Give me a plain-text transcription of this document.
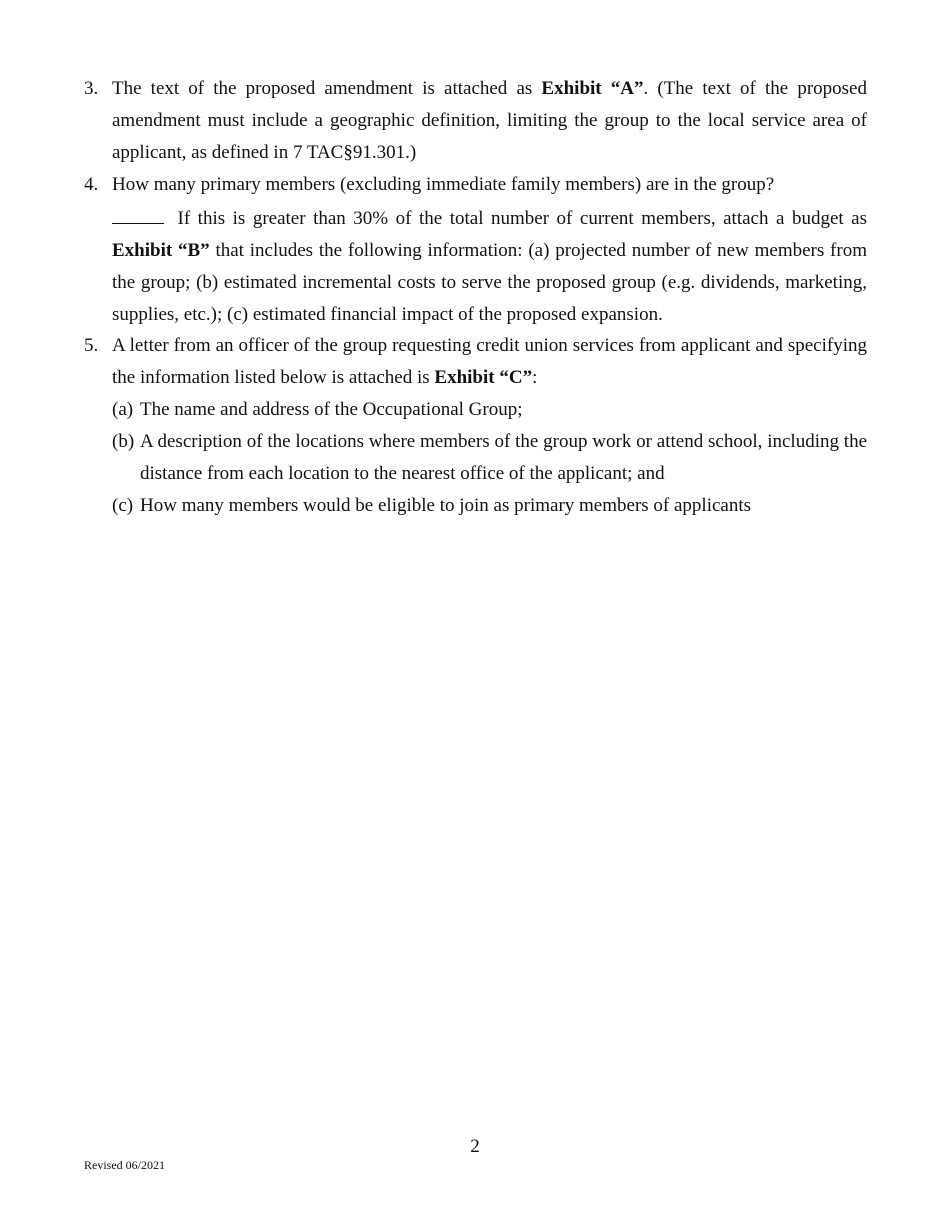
3. The text of the proposed amendment is attached as Exhibit “A”. (The text of the proposed amendment must include a geographic definition, limiting the group to the local service area of applicant, as defined in 7 TAC§91.301.)
4. How many primary members (excluding immediate family members) are in the group?
If this is greater than 30% of the total number of current members, attach a budget as Exhibit “B” that includes the following information: (a) projected number of new members from the group; (b) estimated incremental costs to serve the proposed group (e.g. dividends, marketing, supplies, etc.); (c) estimated financial impact of the proposed expansion.
5. A letter from an officer of the group requesting credit union services from applicant and specifying the information listed below is attached is Exhibit “C”:
(a) The name and address of the Occupational Group;
(b) A description of the locations where members of the group work or attend school, including the distance from each location to the nearest office of the applicant; and
(c) How many members would be eligible to join as primary members of applicants
2
Revised 06/2021
